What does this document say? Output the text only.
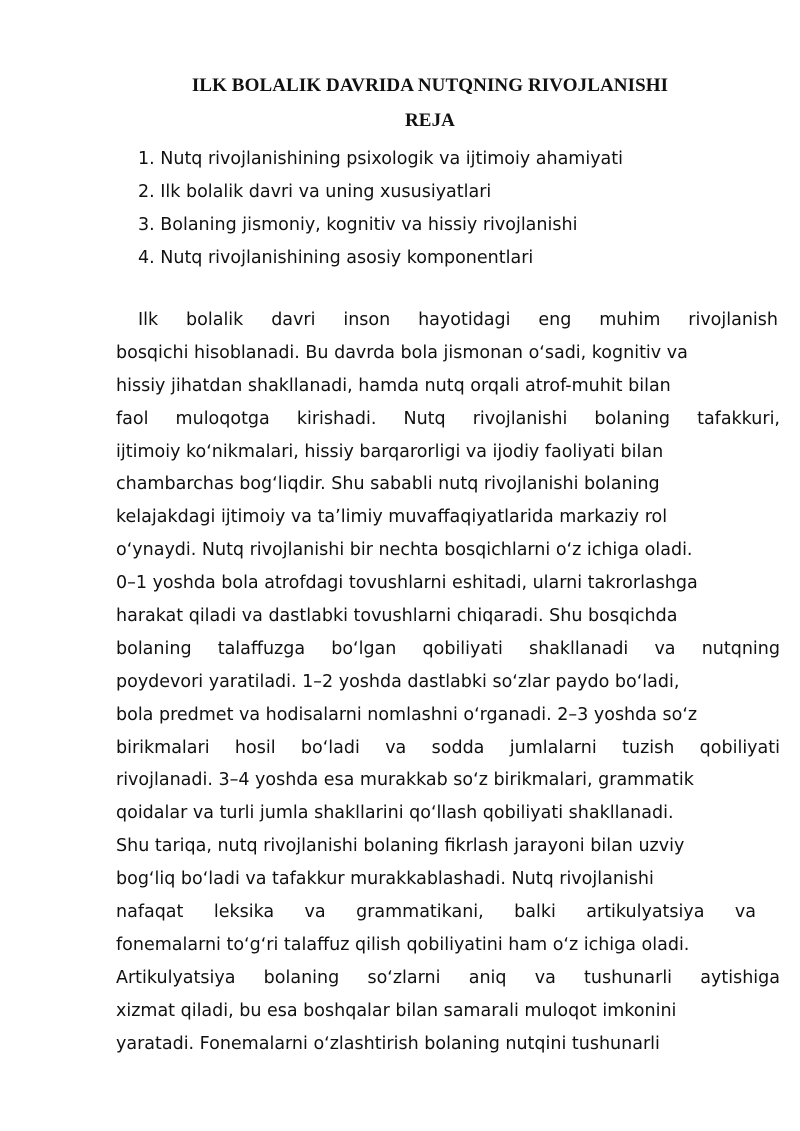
ILK BOLALIK DAVRIDA NUTQNING RIVOJLANISHI
REJA
1. Nutq rivojlanishining psixologik va ijtimoiy ahamiyati
2. Ilk bolalik davri va uning xususiyatlari
3. Bolaning jismoniy, kognitiv va hissiy rivojlanishi
4. Nutq rivojlanishining asosiy komponentlari
Ilk bolalik davri inson hayotidagi eng muhim rivojlanish
bosqichi hisoblanadi. Bu davrda bola jismonan oʻsadi, kognitiv va
hissiy jihatdan shakllanadi, hamda nutq orqali atrof-muhit bilan
faol muloqotga kirishadi. Nutq rivojlanishi bolaning tafakkuri,
ijtimoiy koʻnikmalari, hissiy barqarorligi va ijodiy faoliyati bilan
chambarchas bogʻliqdir. Shu sababli nutq rivojlanishi bolaning
kelajakdagi ijtimoiy va taʼlimiy muvaffaqiyatlarida markaziy rol
oʻynaydi. Nutq rivojlanishi bir nechta bosqichlarni oʻz ichiga oladi.
0–1 yoshda bola atrofdagi tovushlarni eshitadi, ularni takrorlashga
harakat qiladi va dastlabki tovushlarni chiqaradi. Shu bosqichda
bolaning talaffuzga boʻlgan qobiliyati shakllanadi va nutqning
poydevori yaratiladi. 1–2 yoshda dastlabki soʻzlar paydo boʻladi,
bola predmet va hodisalarni nomlashni oʻrganadi. 2–3 yoshda soʻz
birikmalari hosil boʻladi va sodda jumlalarni tuzish qobiliyati
rivojlanadi. 3–4 yoshda esa murakkab soʻz birikmalari, grammatik
qoidalar va turli jumla shakllarini qoʻllash qobiliyati shakllanadi.
Shu tariqa, nutq rivojlanishi bolaning fikrlash jarayoni bilan uzviy
bogʻliq boʻladi va tafakkur murakkablashadi. Nutq rivojlanishi
nafaqat leksika va grammatikani, balki artikulyatsiya va
fonemalarni toʻgʻri talaffuz qilish qobiliyatini ham oʻz ichiga oladi.
Artikulyatsiya bolaning soʻzlarni aniq va tushunarli aytishiga
xizmat qiladi, bu esa boshqalar bilan samarali muloqot imkonini
yaratadi. Fonemalarni oʻzlashtirish bolaning nutqini tushunarli
